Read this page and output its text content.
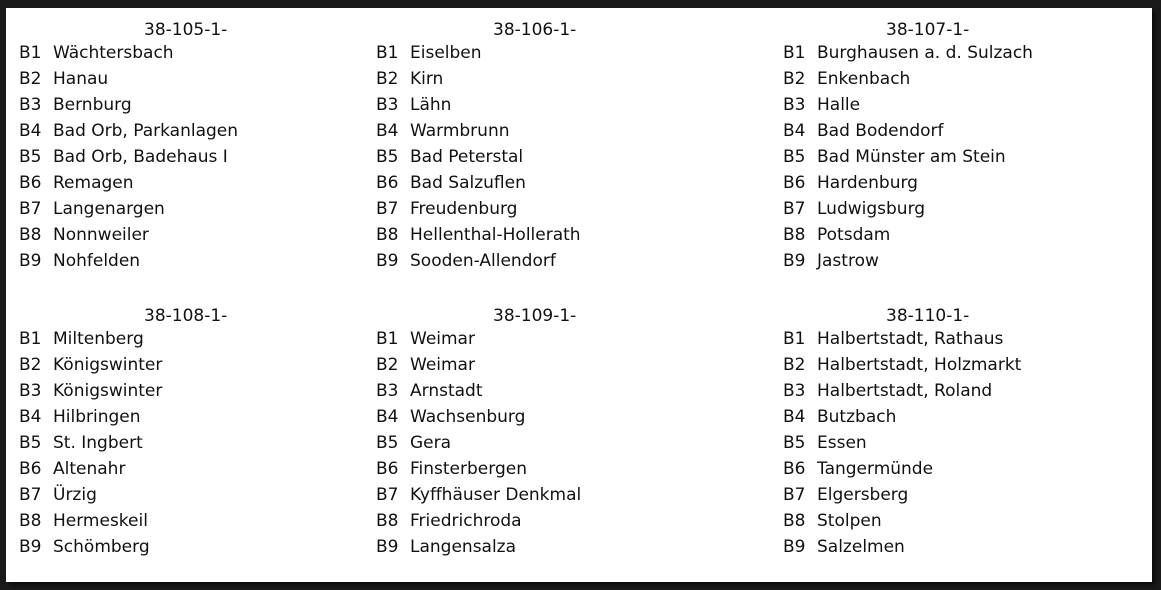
38-105-1-
B1 Wächtersbach
B2 Hanau
B3 Bernburg
B4 Bad Orb, Parkanlagen
B5 Bad Orb, Badehaus I
B6 Remagen
B7 Langenargen
B8 Nonnweiler
B9 Nohfelden
38-106-1-
B1 Eiselben
B2 Kirn
B3 Lähn
B4 Warmbrunn
B5 Bad Peterstal
B6 Bad Salzuflen
B7 Freudenburg
B8 Hellenthal-Hollerath
B9 Sooden-Allendorf
38-107-1-
B1 Burghausen a. d. Sulzach
B2 Enkenbach
B3 Halle
B4 Bad Bodendorf
B5 Bad Münster am Stein
B6 Hardenburg
B7 Ludwigsburg
B8 Potsdam
B9 Jastrow
38-108-1-
B1 Miltenberg
B2 Königswinter
B3 Königswinter
B4 Hilbringen
B5 St. Ingbert
B6 Altenahr
B7 Ürzig
B8 Hermeskeil
B9 Schömberg
38-109-1-
B1 Weimar
B2 Weimar
B3 Arnstadt
B4 Wachsenburg
B5 Gera
B6 Finsterbergen
B7 Kyffhäuser Denkmal
B8 Friedrichroda
B9 Langensalza
38-110-1-
B1 Halbertstadt, Rathaus
B2 Halbertstadt, Holzmarkt
B3 Halbertstadt, Roland
B4 Butzbach
B5 Essen
B6 Tangermünde
B7 Elgersberg
B8 Stolpen
B9 Salzelmen
